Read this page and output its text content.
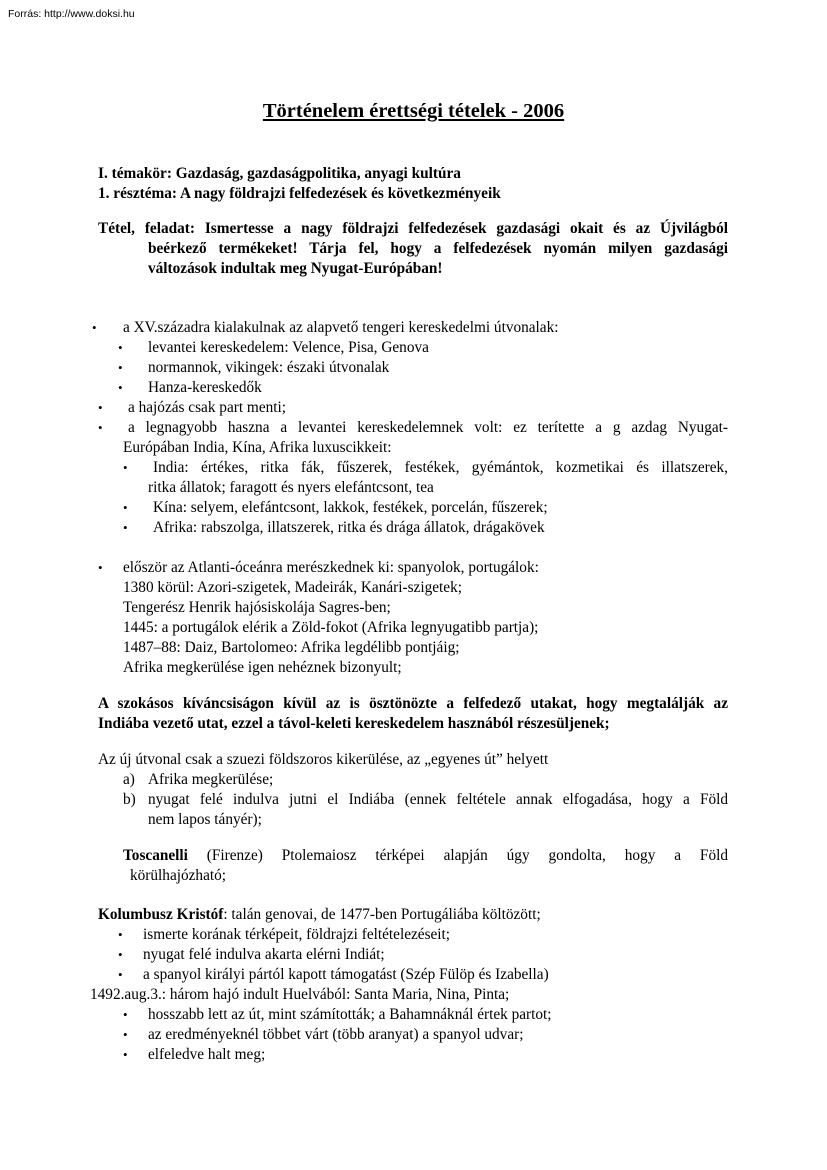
Forrás: http://www.doksi.hu
Történelem érettségi tételek - 2006
I. témakör: Gazdaság, gazdaságpolitika, anyagi kultúra
1. résztéma: A nagy földrajzi felfedezések és következményeik
Tétel, feladat: Ismertesse a nagy földrajzi felfedezések gazdasági okait és az Újvilágból
beérkező termékeket! Tárja fel, hogy a felfedezések nyomán milyen gazdasági
változások indultak meg Nyugat-Európában!
• a XV.századra kialakulnak az alapvető tengeri kereskedelmi útvonalak:
• levantei kereskedelem: Velence, Pisa, Genova
• normannok, vikingek: északi útvonalak
• Hanza-kereskedők
• a hajózás csak part menti;
• a legnagyobb haszna a levantei kereskedelemnek volt: ez terítette a g azdag Nyugat-
Európában India, Kína, Afrika luxuscikkeit:
• India: értékes, ritka fák, fűszerek, festékek, gyémántok, kozmetikai és illatszerek,
ritka állatok; faragott és nyers elefántcsont, tea
• Kína: selyem, elefántcsont, lakkok, festékek, porcelán, fűszerek;
• Afrika: rabszolga, illatszerek, ritka és drága állatok, drágakövek
• először az Atlanti-óceánra merészkednek ki: spanyolok, portugálok:
1380 körül: Azori-szigetek, Madeirák, Kanári-szigetek;
Tengerész Henrik hajósiskolája Sagres-ben;
1445: a portugálok elérik a Zöld-fokot (Afrika legnyugatibb partja);
1487–88: Daiz, Bartolomeo: Afrika legdélibb pontjáig;
Afrika megkerülése igen nehéznek bizonyult;
A szokásos kíváncsiságon kívül az is ösztönözte a felfedező utakat, hogy megtalálják az
Indiába vezető utat, ezzel a távol-keleti kereskedelem hasznából részesüljenek;
Az új útvonal csak a szuezi földszoros kikerülése, az „egyenes út” helyett
a) Afrika megkerülése;
b) nyugat felé indulva jutni el Indiába (ennek feltétele annak elfogadása, hogy a Föld
nem lapos tányér);
Toscanelli (Firenze) Ptolemaiosz térképei alapján úgy gondolta, hogy a Föld
körülhajózható;
Kolumbusz Kristóf: talán genovai, de 1477-ben Portugáliába költözött;
• ismerte korának térképeit, földrajzi feltételezéseit;
• nyugat felé indulva akarta elérni Indiát;
• a spanyol királyi pártól kapott támogatást (Szép Fülöp és Izabella)
1492.aug.3.: három hajó indult Huelvából: Santa Maria, Nina, Pinta;
• hosszabb lett az út, mint számították; a Bahamnáknál értek partot;
• az eredményeknél többet várt (több aranyat) a spanyol udvar;
• elfeledve halt meg;
